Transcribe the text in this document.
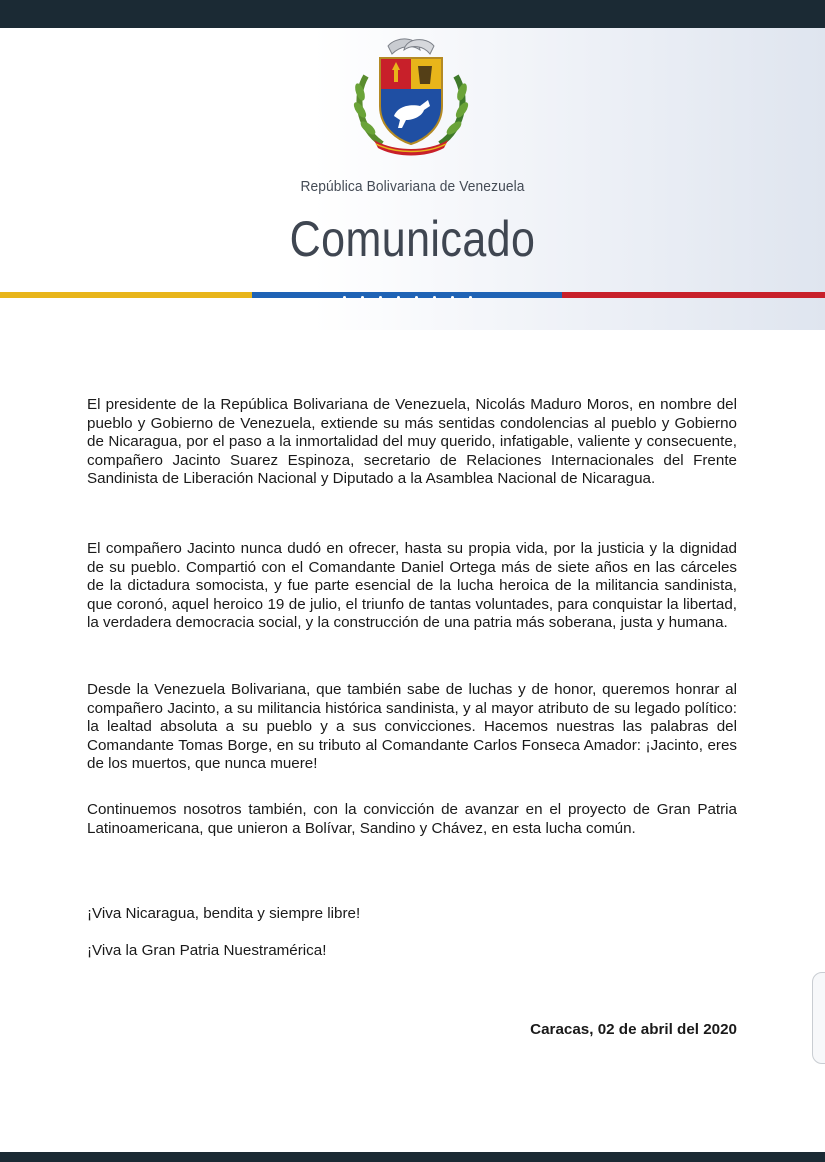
República Bolivariana de Venezuela
Comunicado

El presidente de la República Bolivariana de Venezuela, Nicolás Maduro Moros, en nombre del pueblo y Gobierno de Venezuela, extiende su más sentidas condolencias al pueblo y Gobierno de Nicaragua, por el paso a la inmortalidad del muy querido, infatigable, valiente y consecuente, compañero Jacinto Suarez Espinoza, secretario de Relaciones Internacionales del Frente Sandinista de Liberación Nacional y Diputado a la Asamblea Nacional de Nicaragua.

El compañero Jacinto nunca dudó en ofrecer, hasta su propia vida, por la justicia y la dignidad de su pueblo. Compartió con el Comandante Daniel Ortega más de siete años en las cárceles de la dictadura somocista, y fue parte esencial de la lucha heroica de la militancia sandinista, que coronó, aquel heroico 19 de julio, el triunfo de tantas voluntades, para conquistar la libertad, la verdadera democracia social, y la construcción de una patria más soberana, justa y humana.

Desde la Venezuela Bolivariana, que también sabe de luchas y de honor, queremos honrar al compañero Jacinto, a su militancia histórica sandinista, y al mayor atributo de su legado político: la lealtad absoluta a su pueblo y a sus convicciones. Hacemos nuestras las palabras del Comandante Tomas Borge, en su tributo al Comandante Carlos Fonseca Amador: ¡Jacinto, eres de los muertos, que nunca muere!

Continuemos nosotros también, con la convicción de avanzar en el proyecto de Gran Patria Latinoamericana, que unieron a Bolívar, Sandino y Chávez, en esta lucha común.

¡Viva Nicaragua, bendita y siempre libre!

¡Viva la Gran Patria Nuestramérica!

Caracas, 02 de abril del 2020
